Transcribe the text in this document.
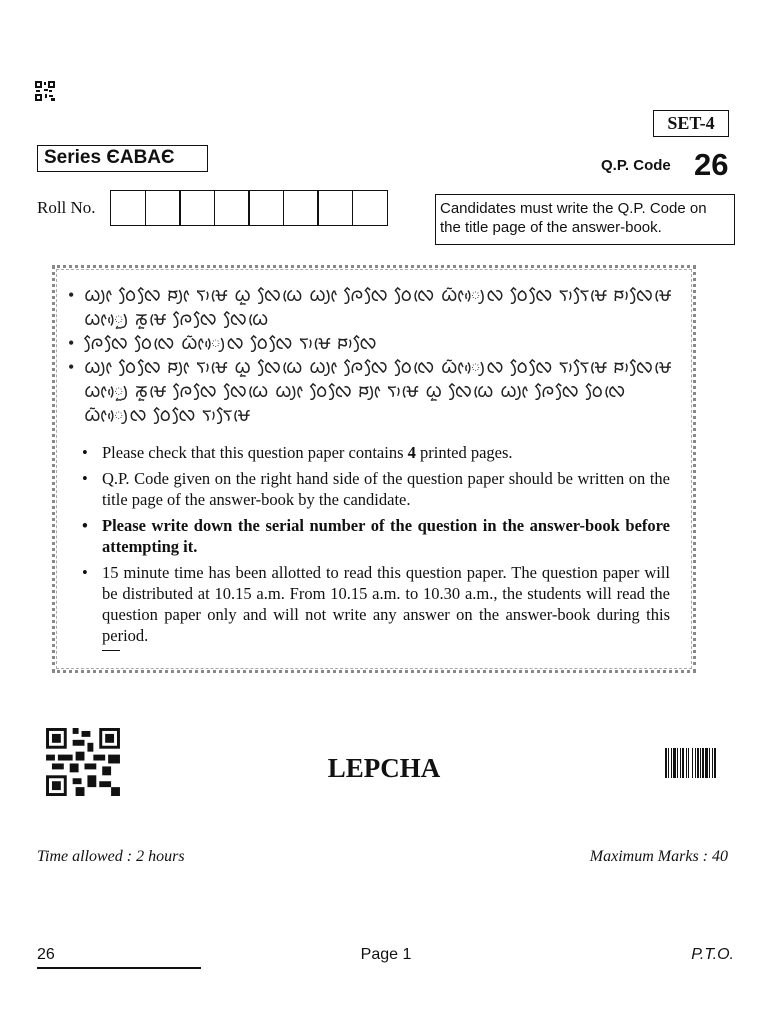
SET-4
Series ЄABAЄ	Q.P. Code 26
Roll No.	Candidates must write the Q.P. Code on the title page of the answer-book.
• ᰃᰪᰦ ᰓᰧᰜᰧ ᰐᰪᰦ ᰛᰥᰝᰨ ᰃᰬ ᰜᰧᰃᰨ ᰃᰪᰦ ᰍᰧᰜᰧ ᰓᰧᰜᰨ ᰃᰦᰶᰪᰴᰜ ᰓᰧᰜᰧ ᰛᰥᰛᰧᰝᰨ ᰐᰥᰜᰧᰝᰨ ᰃᰦᰬᰪᰴ ᰕᰬᰝᰨ ᰍᰧᰜᰧ ᰜᰧᰃᰨ
• ᰍᰧᰜᰧ ᰓᰧᰜᰨ ᰃᰦᰶᰪᰴᰜ ᰓᰧᰜᰧ ᰛᰥᰝᰨ ᰐᰥᰜᰧ
• ᰃᰪᰦ ᰓᰧᰜᰧ ᰐᰪᰦ ᰛᰥᰝᰨ ᰃᰬ ᰜᰧᰃᰨ ᰃᰪᰦ ᰍᰧᰜᰧ ᰓᰧᰜᰨ ᰃᰦᰶᰪᰴᰜ ᰓᰧᰜᰧ ᰛᰥᰛᰧᰝᰨ ᰐᰥᰜᰧᰝᰨ ᰃᰦᰬᰪᰴ ᰕᰬᰝᰨ ᰍᰧᰜᰧ ᰜᰧᰃᰨ ᰃᰪᰦ ᰓᰧᰜᰧ ᰐᰪᰦ ᰛᰥᰝᰨ ᰃᰬ ᰜᰧᰃᰨ ᰃᰪᰦ ᰍᰧᰜᰧ ᰓᰧᰜᰨ ᰃᰦᰶᰪᰴᰜ ᰓᰧᰜᰧ ᰛᰥᰛᰧᰝᰨ
• Please check that this question paper contains 4 printed pages.
• Q.P. Code given on the right hand side of the question paper should be written on the title page of the answer-book by the candidate.
• Please write down the serial number of the question in the answer-book before attempting it.
• 15 minute time has been allotted to read this question paper. The question paper will be distributed at 10.15 a.m. From 10.15 a.m. to 10.30 a.m., the students will read the question paper only and will not write any answer on the answer-book during this period.
LEPCHA
Time allowed : 2 hours	Maximum Marks : 40
26	Page 1	P.T.O.
